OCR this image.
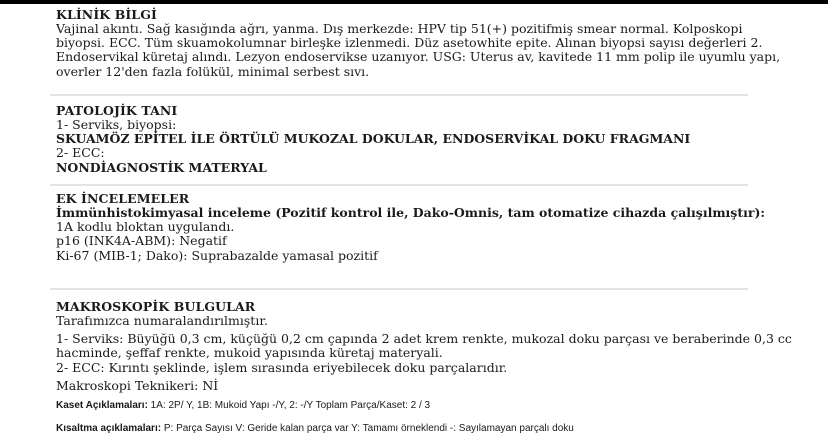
KLİNİK BİLGİ

Vajinal akıntı. Sağ kasığında ağrı, yanma. Dış merkezde: HPV tip 51(+) pozitifmiş smear normal. Kolposkopi

biyopsi. ECC. Tüm skuamokolumnar birleşke izlenmedi. Düz asetowhite epite. Alınan biyopsi sayısı değerleri 2.

Endoservikal küretaj alındı. Lezyon endoservikse uzanıyor. USG: Uterus av, kavitede 11 mm polip ile uyumlu yapı,

overler 12'den fazla folükül, minimal serbest sıvı.

PATOLOJİK TANI

1- Serviks, biyopsi:

SKUAMÖZ EPİTEL İLE ÖRTÜLÜ MUKOZAL DOKULAR, ENDOSERVİKAL DOKU FRAGMANI

2- ECC:

NONDİAGNOSTİK MATERYAL

EK İNCELEMELER

İmmünhistokimyasal inceleme (Pozitif kontrol ile, Dako-Omnis, tam otomatize cihazda çalışılmıştır):

1A kodlu bloktan uygulandı.

p16 (INK4A-ABM): Negatif

Ki-67 (MIB-1; Dako): Suprabazalde yamasal pozitif

MAKROSKOPİK BULGULAR

Tarafımızca numaralandırılmıştır.

1- Serviks: Büyüğü 0,3 cm, küçüğü 0,2 cm çapında 2 adet krem renkte, mukozal doku parçası ve beraberinde 0,3 cc

hacminde, şeffaf renkte, mukoid yapısında küretaj materyali.

2- ECC: Kırıntı şeklinde, işlem sırasında eriyebilecek doku parçalarıdır.

Makroskopi Teknikeri: Nİ

Kaset Açıklamaları: 1A: 2P/ Y, 1B: Mukoid Yapı -/Y, 2: -/Y Toplam Parça/Kaset: 2 / 3

Kısaltma açıklamaları: P: Parça Sayısı V: Geride kalan parça var Y: Tamamı örneklendi -: Sayılamayan parçalı doku
